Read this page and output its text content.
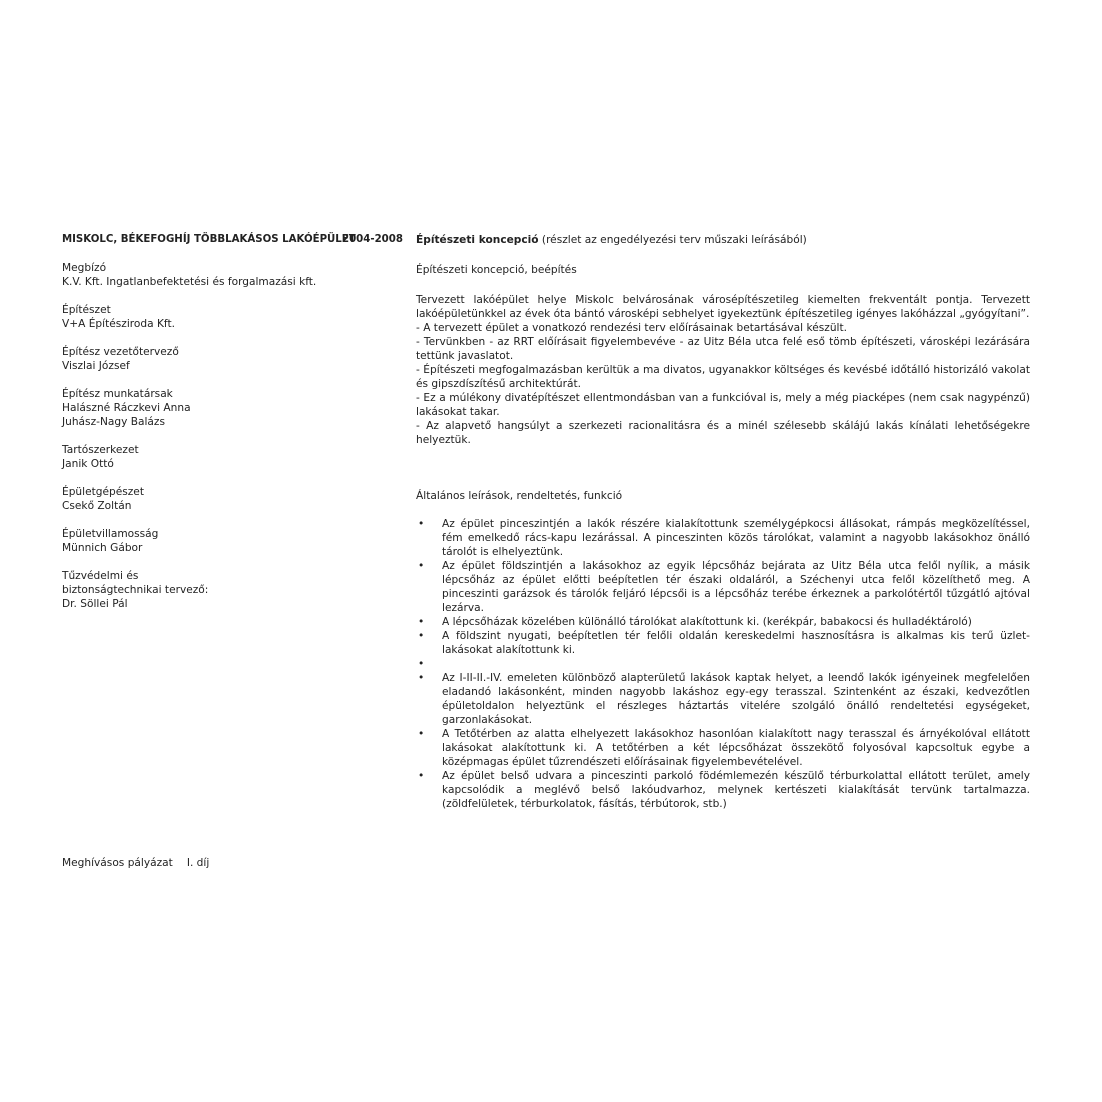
MISKOLC, BÉKEFOGHÍJ TÖBBLAKÁSOS LAKÓÉPÜLET
2004-2008
Megbízó
K.V. Kft. Ingatlanbefektetési és forgalmazási kft.
Építészet
V+A Építésziroda Kft.
Építész vezetőtervező
Viszlai József
Építész munkatársak
Halászné Ráczkevi Anna
Juhász-Nagy Balázs
Tartószerkezet
Janik Ottó
Épületgépészet
Csekő Zoltán
Épületvillamosság
Münnich Gábor
Tűzvédelmi és
biztonságtechnikai tervező:
Dr. Söllei Pál
Meghívásos pályázat I. díj
Építészeti koncepció (részlet az engedélyezési terv műszaki leírásából)
Építészeti koncepció, beépítés

Tervezett lakóépület helye Miskolc belvárosának városépítészetileg kiemelten frekventált pontja. Tervezett lakóépületünkkel az évek óta bántó városképi sebhelyet igyekeztünk építészetileg igényes lakóházzal „gyógyítani”.

- A tervezett épület a vonatkozó rendezési terv előírásainak betartásával készült.

- Tervünkben - az RRT előírásait figyelembevéve - az Uitz Béla utca felé eső tömb építészeti, városképi lezárására tettünk javaslatot.

- Építészeti megfogalmazásban kerültük a ma divatos, ugyanakkor költséges és kevésbé időtálló historizáló vakolat és gipszdíszítésű architektúrát.

- Ez a múlékony divatépítészet ellentmondásban van a funkcióval is, mely a még piacképes (nem csak nagypénzű) lakásokat takar.

- Az alapvető hangsúlyt a szerkezeti racionalitásra és a minél szélesebb skálájú lakás kínálati lehetőségekre helyeztük.

Általános leírások, rendeltetés, funkció
• Az épület pinceszintjén a lakók részére kialakítottunk személygépkocsi állásokat, rámpás megközelítéssel, fém emelkedő rács-kapu lezárással. A pinceszinten közös tárolókat, valamint a nagyobb lakásokhoz önálló tárolót is elhelyeztünk.
• Az épület földszintjén a lakásokhoz az egyik lépcsőház bejárata az Uitz Béla utca felől nyílik, a másik lépcsőház az épület előtti beépítetlen tér északi oldaláról, a Széchenyi utca felől közelíthető meg. A pinceszinti garázsok és tárolók feljáró lépcsői is a lépcsőház terébe érkeznek a parkolótértől tűzgátló ajtóval lezárva.
• A lépcsőházak közelében különálló tárolókat alakítottunk ki. (kerékpár, babakocsi és hulladéktároló)
• A földszint nyugati, beépítetlen tér felőli oldalán kereskedelmi hasznosításra is alkalmas kis terű üzlet-lakásokat alakítottunk ki.
•
• Az I-II-II.-IV. emeleten különböző alapterületű lakások kaptak helyet, a leendő lakók igényeinek megfelelően eladandó lakásonként, minden nagyobb lakáshoz egy-egy terasszal. Szintenként az északi, kedvezőtlen épületoldalon helyeztünk el részleges háztartás vitelére szolgáló önálló rendeltetési egységeket, garzonlakásokat.
• A Tetőtérben az alatta elhelyezett lakásokhoz hasonlóan kialakított nagy terasszal és árnyékolóval ellátott lakásokat alakítottunk ki. A tetőtérben a két lépcsőházat összekötő folyosóval kapcsoltuk egybe a középmagas épület tűzrendészeti előírásainak figyelembevételével.
• Az épület belső udvara a pinceszinti parkoló födémlemezén készülő térburkolattal ellátott terület, amely kapcsolódik a meglévő belső lakóudvarhoz, melynek kertészeti kialakítását tervünk tartalmazza. (zöldfelületek, térburkolatok, fásítás, térbútorok, stb.)
